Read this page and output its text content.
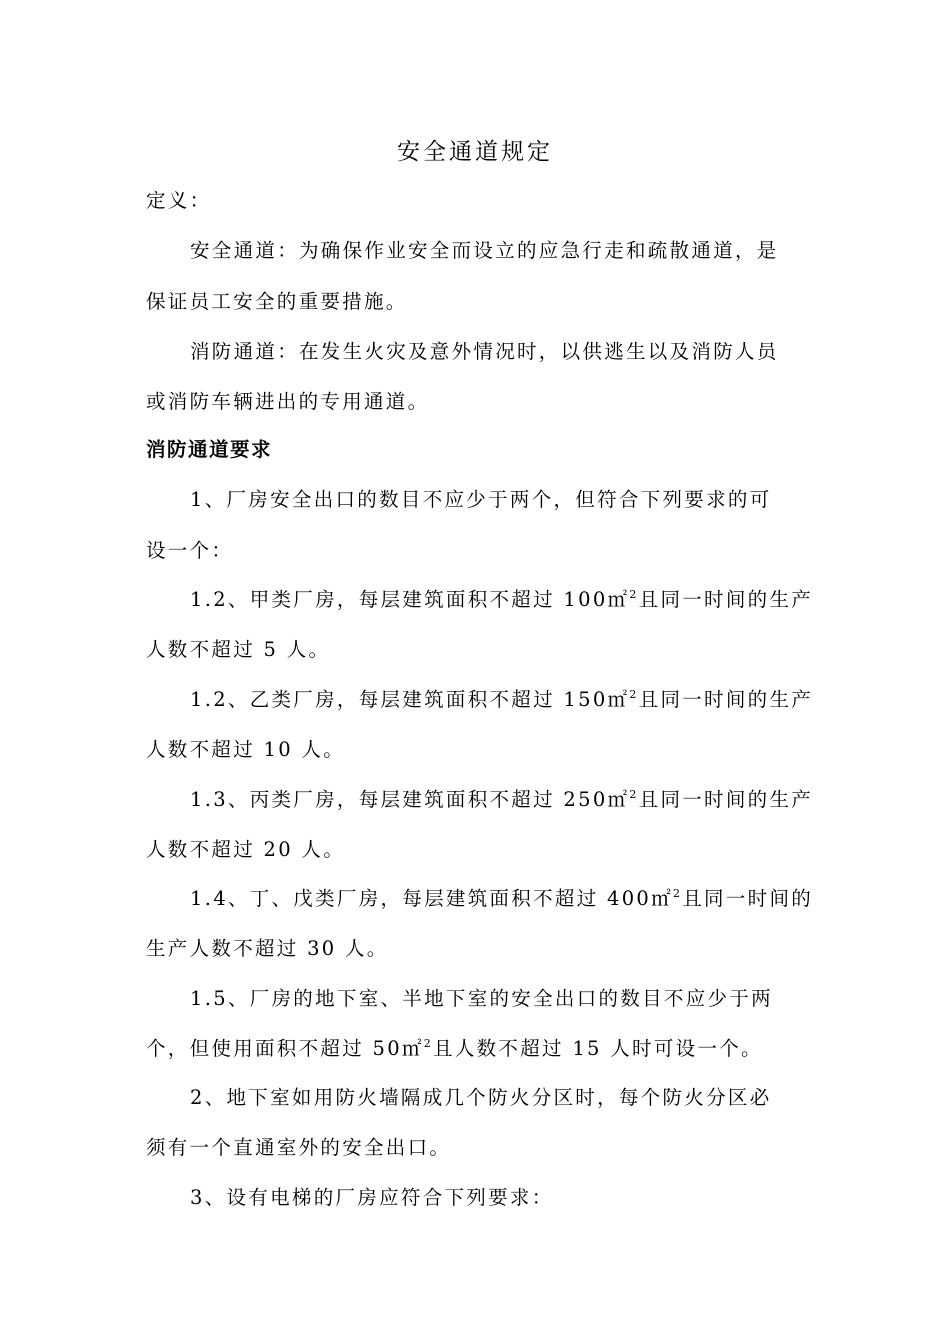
安全通道规定
定义：
安全通道：为确保作业安全而设立的应急行走和疏散通道，是
保证员工安全的重要措施。
消防通道：在发生火灾及意外情况时，以供逃生以及消防人员
或消防车辆进出的专用通道。
消防通道要求
1、厂房安全出口的数目不应少于两个，但符合下列要求的可
设一个：
1.2、甲类厂房，每层建筑面积不超过 100㎡$^2$且同一时间的生产
人数不超过 5 人。
1.2、乙类厂房，每层建筑面积不超过 150㎡$^2$且同一时间的生产
人数不超过 10 人。
1.3、丙类厂房，每层建筑面积不超过 250㎡$^2$且同一时间的生产
人数不超过 20 人。
1.4、丁、戊类厂房，每层建筑面积不超过 400㎡$^2$且同一时间的
生产人数不超过 30 人。
1.5、厂房的地下室、半地下室的安全出口的数目不应少于两
个，但使用面积不超过 50㎡$^2$且人数不超过 15 人时可设一个。
2、地下室如用防火墙隔成几个防火分区时，每个防火分区必
须有一个直通室外的安全出口。
3、设有电梯的厂房应符合下列要求：
